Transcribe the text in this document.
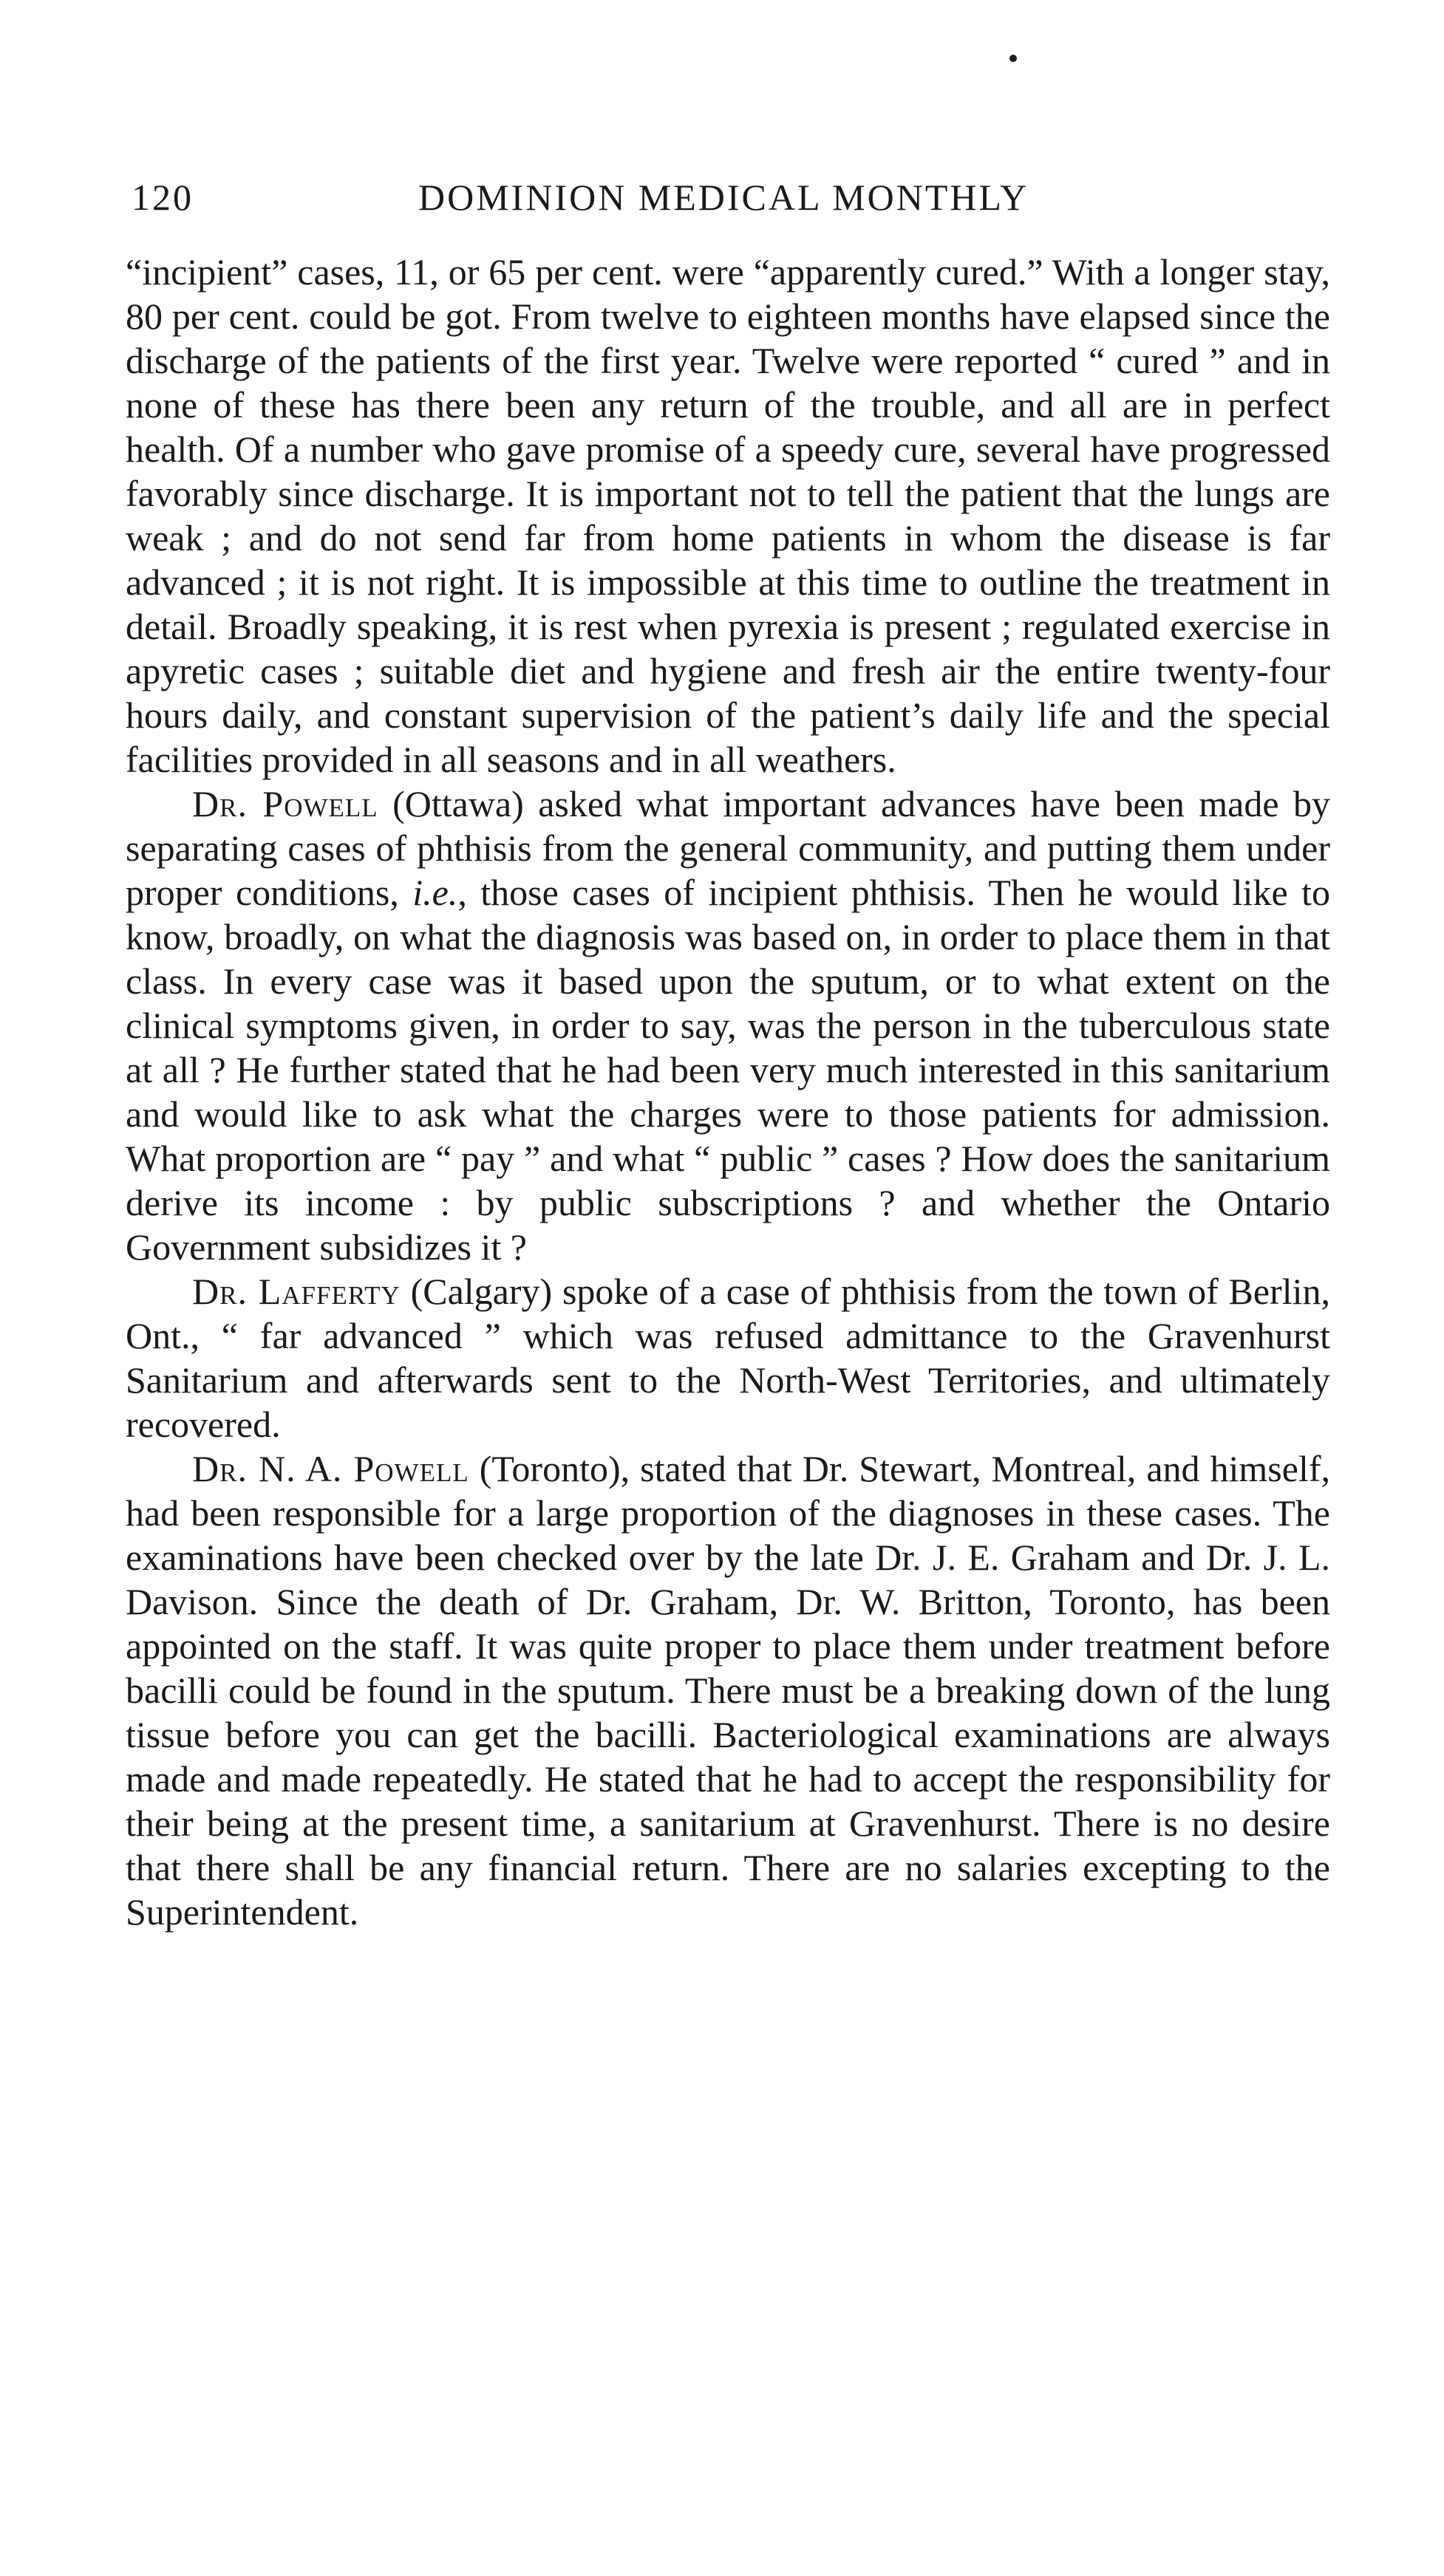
120	DOMINION MEDICAL MONTHLY

“incipient” cases, 11, or 65 per cent. were “apparently cured.” With a longer stay, 80 per cent. could be got. From twelve to eighteen months have elapsed since the discharge of the patients of the first year. Twelve were reported “ cured ” and in none of these has there been any return of the trouble, and all are in perfect health. Of a number who gave promise of a speedy cure, several have progressed favorably since discharge. It is important not to tell the patient that the lungs are weak ; and do not send far from home patients in whom the disease is far advanced ; it is not right. It is impossible at this time to outline the treatment in detail. Broadly speaking, it is rest when pyrexia is present ; regulated exercise in apyretic cases ; suitable diet and hygiene and fresh air the entire twenty-four hours daily, and constant supervision of the patient’s daily life and the special facilities provided in all seasons and in all weathers.

Dr. Powell (Ottawa) asked what important advances have been made by separating cases of phthisis from the general community, and putting them under proper conditions, i.e., those cases of incipient phthisis. Then he would like to know, broadly, on what the diagnosis was based on, in order to place them in that class. In every case was it based upon the sputum, or to what extent on the clinical symptoms given, in order to say, was the person in the tuberculous state at all ? He further stated that he had been very much interested in this sanitarium and would like to ask what the charges were to those patients for admission. What proportion are “ pay ” and what “ public ” cases ? How does the sanitarium derive its income : by public subscriptions ? and whether the Ontario Government subsidizes it ?

Dr. Lafferty (Calgary) spoke of a case of phthisis from the town of Berlin, Ont., “ far advanced ” which was refused admittance to the Gravenhurst Sanitarium and afterwards sent to the North-West Territories, and ultimately recovered.

Dr. N. A. Powell (Toronto), stated that Dr. Stewart, Montreal, and himself, had been responsible for a large proportion of the diagnoses in these cases. The examinations have been checked over by the late Dr. J. E. Graham and Dr. J. L. Davison. Since the death of Dr. Graham, Dr. W. Britton, Toronto, has been appointed on the staff. It was quite proper to place them under treatment before bacilli could be found in the sputum. There must be a breaking down of the lung tissue before you can get the bacilli. Bacteriological examinations are always made and made repeatedly. He stated that he had to accept the responsibility for their being at the present time, a sanitarium at Gravenhurst. There is no desire that there shall be any financial return. There are no salaries excepting to the Superintendent.
